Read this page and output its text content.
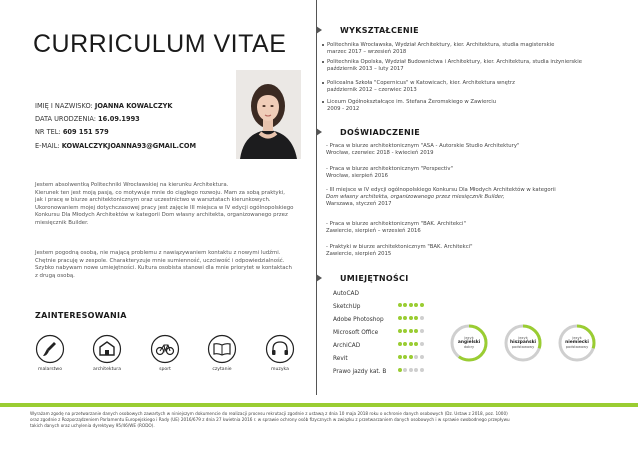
CURRICULUM VITAE
IMIĘ I NAZWISKO: JOANNA KOWALCZYK
DATA URODZENIA: 16.09.1993
NR TEL: 609 151 579
E-MAIL: KOWALCZYKJOANNA93@GMAIL.COM
Jestem absolwentką Politechniki Wrocławskiej na kierunku Architektura.
Kierunek ten jest moją pasją, co motywuje mnie do ciągłego rozwoju. Mam za sobą praktyki,
jak i pracę w biurze architektonicznym oraz uczestnictwo w warsztatach kierunkowych.
Ukoronowaniem mojej dotychczasowej pracy jest zajęcie III miejsca w IV edycji ogólnopolskiego
Konkursu Dla Młodych Architektów w kategorii Dom własny architekta, organizowanego przez
miesięcznik Builder.
Jestem pogodną osobą, nie mającą problemu z nawiązywaniem kontaktu z nowymi ludźmi.
Chętnie pracuję w zespole. Charakteryzuje mnie sumienność, uczciwość i odpowiedzialność.
Szybko nabywam nowe umiejętności. Kultura osobista stanowi dla mnie priorytet w kontaktach
z drugą osobą.
ZAINTERESOWANIA
malarstwo	architektura	sport	czytanie	muzyka
WYKSZTAŁCENIE
Politechnika Wrocławska, Wydział Architektury, kier. Architektura, studia magisterskie
marzec 2017 – wrzesień 2018
Politechnika Opolska, Wydział Budownictwa i Architektury, kier. Architektura, studia inżynierskie
październik 2013 – luty 2017
Policealna Szkoła "Copernicus" w Katowicach, kier. Architektura wnętrz
październik 2012 – czerwiec 2013
Liceum Ogólnokształcące im. Stefana Żeromskiego w Zawierciu
2009 - 2012
DOŚWIADCZENIE
- Praca w biurze architektonicznym "ASA - Autorskie Studio Architektury"
Wrocław, czerwiec 2018 - kwiecień 2019
- Praca w biurze architektonicznym "Perspectiv"
Wrocław, sierpień 2016
- III miejsce w IV edycji ogólnopolskiego Konkursu Dla Młodych Architektów w kategorii
Dom własny architekta, organizowanego przez miesięcznik Builder,
Warszawa, styczeń 2017
- Praca w biurze architektonicznym "BAK. Architekci"
Zawiercie, sierpień – wrzesień 2016
- Praktyki w biurze architektonicznym "BAK. Architekci"
Zawiercie, sierpień 2015
UMIEJĘTNOŚCI
AutoCAD
SketchUp
Adobe Photoshop
Microsoft Office
ArchiCAD
Revit
Prawo jazdy kat. B
język
angielski
dobry
język
hiszpański
podstawowy
język
niemiecki
podstawowy
Wyrażam zgodę na przetwarzanie danych osobowych zawartych w niniejszym dokumencie do realizacji procesu rekrutacji zgodnie z ustawą z dnia 10 maja 2018 roku o ochronie danych osobowych (Dz. Ustaw z 2018, poz. 1000)
oraz zgodnie z Rozporządzeniem Parlamentu Europejskiego i Rady (UE) 2016/679 z dnia 27 kwietnia 2016 r. w sprawie ochrony osób fizycznych w związku z przetwarzaniem danych osobowych i w sprawie swobodnego przepływu
takich danych oraz uchylenia dyrektywy 95/46/WE (RODO).
